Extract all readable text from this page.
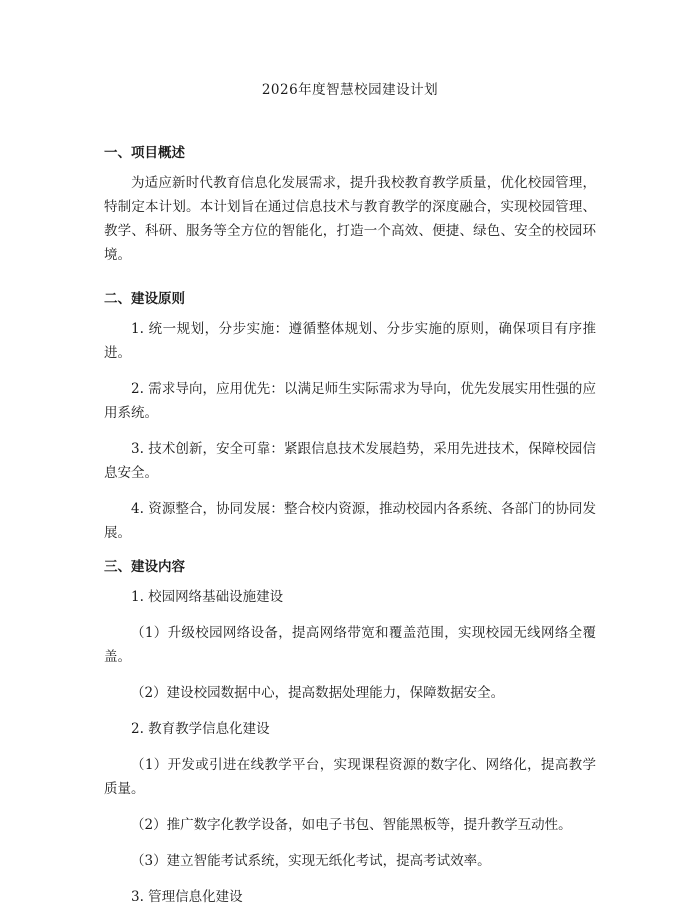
2026年度智慧校园建设计划
一、项目概述
为适应新时代教育信息化发展需求，提升我校教育教学质量，优化校园管理，特制定本计划。本计划旨在通过信息技术与教育教学的深度融合，实现校园管理、教学、科研、服务等全方位的智能化，打造一个高效、便捷、绿色、安全的校园环境。
二、建设原则
1. 统一规划，分步实施：遵循整体规划、分步实施的原则，确保项目有序推进。
2. 需求导向，应用优先：以满足师生实际需求为导向，优先发展实用性强的应用系统。
3. 技术创新，安全可靠：紧跟信息技术发展趋势，采用先进技术，保障校园信息安全。
4. 资源整合，协同发展：整合校内资源，推动校园内各系统、各部门的协同发展。
三、建设内容
1. 校园网络基础设施建设
（1）升级校园网络设备，提高网络带宽和覆盖范围，实现校园无线网络全覆盖。
（2）建设校园数据中心，提高数据处理能力，保障数据安全。
2. 教育教学信息化建设
（1）开发或引进在线教学平台，实现课程资源的数字化、网络化，提高教学质量。
（2）推广数字化教学设备，如电子书包、智能黑板等，提升教学互动性。
（3）建立智能考试系统，实现无纸化考试，提高考试效率。
3. 管理信息化建设
